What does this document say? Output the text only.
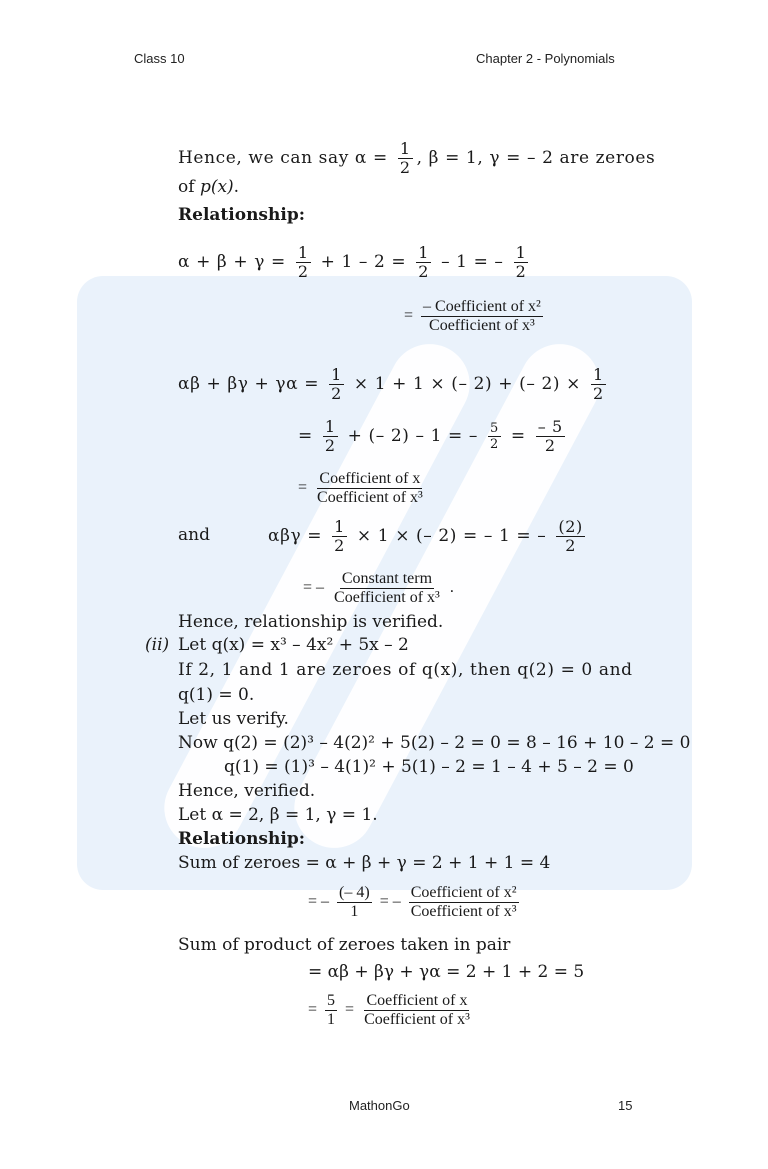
Class 10	Chapter 2 - Polynomials
Hence, we can say $\alpha = \frac{1}{2}$ , β = 1, γ = – 2 are zeroes
of p(x).
Relationship:
$\alpha + \beta + \gamma = \frac{1}{2} + 1 - 2 = \frac{1}{2} - 1$ = – $\frac{1}{2}$
= $\frac{\text{– Coefficient of x²}}{\text{Coefficient of x³}}$
$\alpha\beta + \beta\gamma + \gamma\alpha = \frac{1}{2} \times 1 + 1$ × (– 2) + (– $2) \times \frac{1}{2}$
= $\frac{1}{2}$ + (– 2) – 1 = – $\frac{5}{2} = \frac{- 5}{2}$
= $\frac{\text{Coefficient of x}}{\text{Coefficient of x³}}$
and	$\alpha\beta\gamma = \frac{1}{2} \times 1$ × (– 2) = – 1 = – $\frac{(2)}{2}$
= – $\frac{\text{Constant term}}{\text{Coefficient of x³}}$ .
Hence, relationship is verified.
(ii) Let q(x) = x³ – 4x² + 5x – 2
If 2, 1 and 1 are zeroes of q(x), then q(2) = 0 and
q(1) = 0.
Let us verify.
Now q(2) = (2)³ – 4(2)² + 5(2) – 2 = 0 = 8 – 16 + 10 – 2 = 0
q(1) = (1)³ – 4(1)² + 5(1) – 2 = 1 – 4 + 5 – 2 = 0
Hence, verified.
Let α = 2, β = 1, γ = 1.
Relationship:
Sum of zeroes = α + β + γ = 2 + 1 + 1 = 4
= – $\frac{(- 4)}{1}$ = – $\frac{\text{Coefficient of x²}}{\text{Coefficient of x³}}$
Sum of product of zeroes taken in pair
= αβ + βγ + γα = 2 + 1 + 2 = 5
= $\frac{5}{1} = \frac{\text{Coefficient of x}}{\text{Coefficient of x³}}$
MathonGo	15
